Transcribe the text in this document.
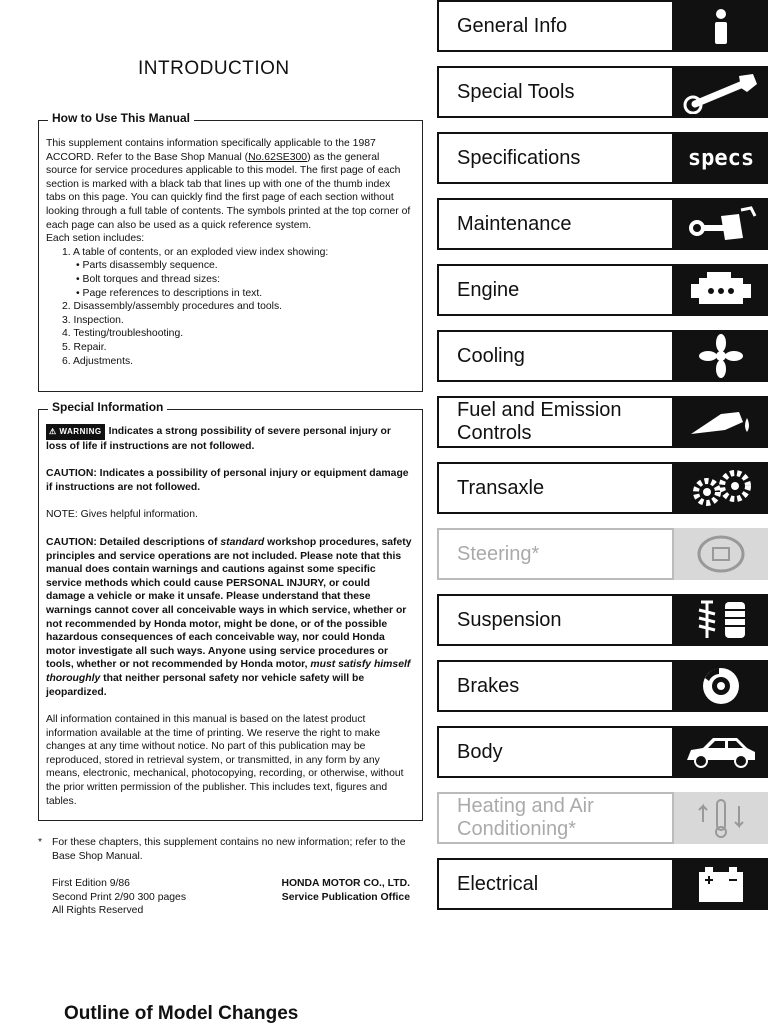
INTRODUCTION
How to Use This Manual

This supplement contains information specifically applicable to the 1987 ACCORD. Refer to the Base Shop Manual (No.62SE300) as the general source for service procedures applicable to this model. The first page of each section is marked with a black tab that lines up with one of the thumb index tabs on this page. You can quickly find the first page of each section without looking through a full table of contents. The symbols printed at the top corner of each page can also be used as a quick reference system.

Each setion includes:

1. A table of contents, or an exploded view index showing:

• Parts disassembly sequence.
• Bolt torques and thread sizes:
• Page references to descriptions in text.

2. Disassembly/assembly procedures and tools.

3. Inspection.

4. Testing/troubleshooting.

5. Repair.

6. Adjustments.

Special Information

⚠︎ WARNING Indicates a strong possibility of severe personal injury or loss of life if instructions are not followed.

CAUTION: Indicates a possibility of personal injury or equipment damage if instructions are not followed.

NOTE: Gives helpful information.

CAUTION: Detailed descriptions of standard workshop procedures, safety principles and service operations are not included. Please note that this manual does contain warnings and cautions against some specific service methods which could cause PERSONAL INJURY, or could damage a vehicle or make it unsafe. Please understand that these warnings cannot cover all conceivable ways in which service, whether or not recommended by Honda motor, might be done, or of the possible hazardous consequences of each conceivable way, nor could Honda motor investigate all such ways. Anyone using service procedures or tools, whether or not recommended by Honda motor, must satisfy himself thoroughly that neither personal safety nor vehicle safety will be jeopardized.

All information contained in this manual is based on the latest product information available at the time of printing. We reserve the right to make changes at any time without notice. No part of this publication may be reproduced, stored in retrieval system, or transmitted, in any form by any means, electronic, mechanical, photocopying, recording, or otherwise, without the prior written permission of the publisher. This includes text, figures and tables.

* For these chapters, this supplement contains no new information; refer to the Base Shop Manual.
First Edition 9/86
Second Print 2/90 300 pages
All Rights Reserved
HONDA MOTOR CO., LTD.
Service Publication Office
Outline of Model Changes
General Info
Special Tools
Specifications	specs
Maintenance
Engine
Cooling
Fuel and Emission Controls
Transaxle
Steering*
Suspension
Brakes
Body
Heating and Air Conditioning*
Electrical
